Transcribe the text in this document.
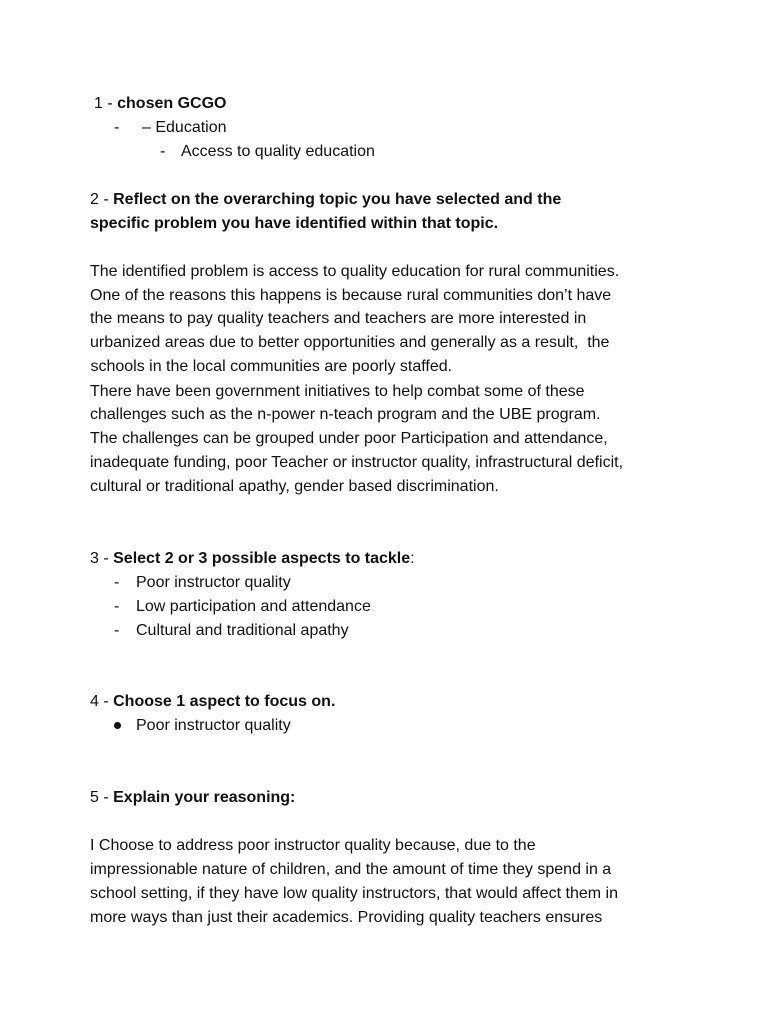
1 - chosen GCGO
- – Education
- Access to quality education
2 - Reflect on the overarching topic you have selected and the
specific problem you have identified within that topic.
The identified problem is access to quality education for rural communities.
One of the reasons this happens is because rural communities don’t have
the means to pay quality teachers and teachers are more interested in
urbanized areas due to better opportunities and generally as a result,  the
schools in the local communities are poorly staffed.
There have been government initiatives to help combat some of these
challenges such as the n-power n-teach program and the UBE program.
The challenges can be grouped under poor Participation and attendance,
inadequate funding, poor Teacher or instructor quality, infrastructural deficit,
cultural or traditional apathy, gender based discrimination.
3 - Select 2 or 3 possible aspects to tackle:
- Poor instructor quality
- Low participation and attendance
- Cultural and traditional apathy
4 - Choose 1 aspect to focus on.
Poor instructor quality
5 - Explain your reasoning:
I Choose to address poor instructor quality because, due to the
impressionable nature of children, and the amount of time they spend in a
school setting, if they have low quality instructors, that would affect them in
more ways than just their academics. Providing quality teachers ensures
